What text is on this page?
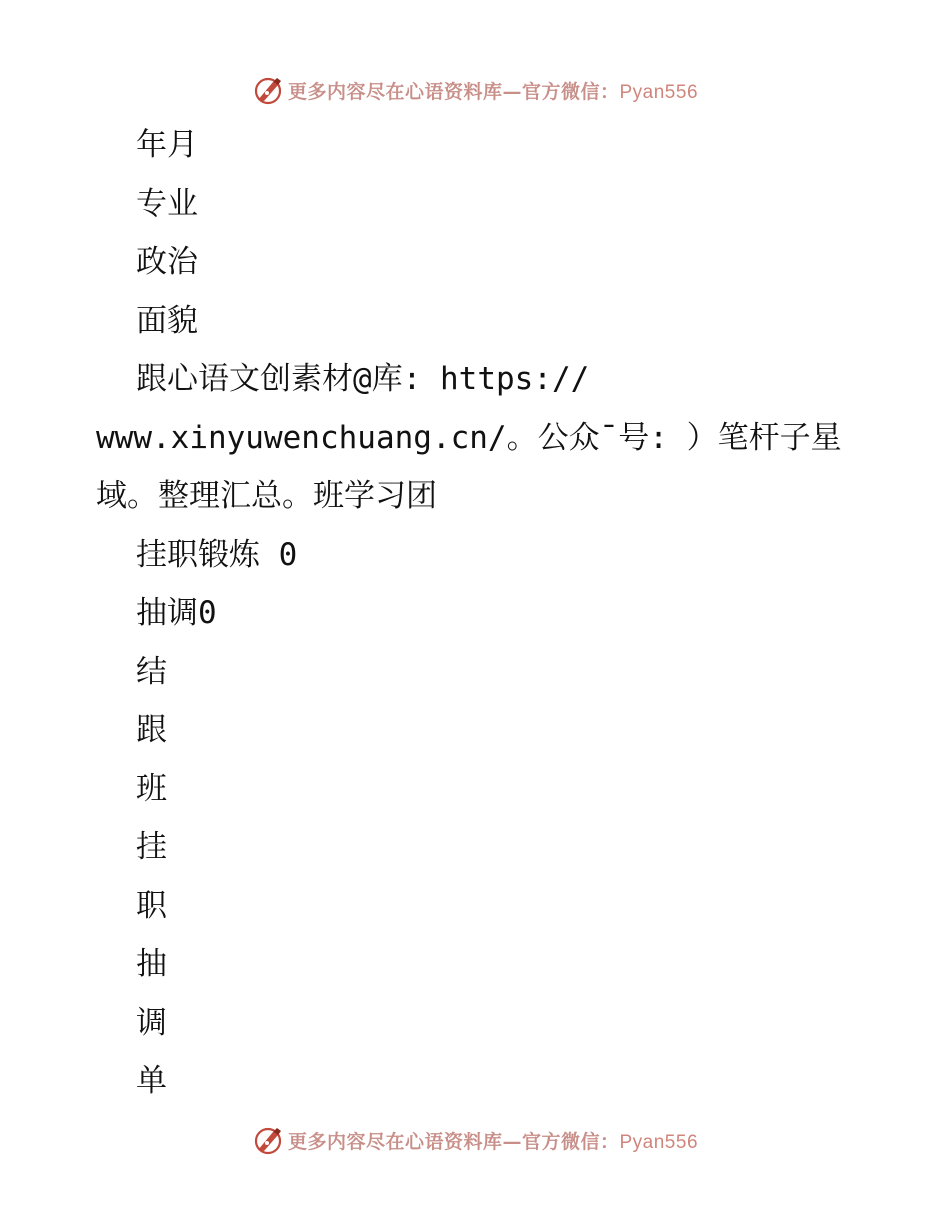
更多内容尽在心语资料库—官方微信：Pyan556
年月
专业
政治
面貌
跟心语文创素材@库: https://
www.xinyuwenchuang.cn/。公众¯号: ）笔杆子星
域。整理汇总。班学习团
挂职锻炼 0
抽调0
结
跟
班
挂
职
抽
调
单
更多内容尽在心语资料库—官方微信：Pyan556
